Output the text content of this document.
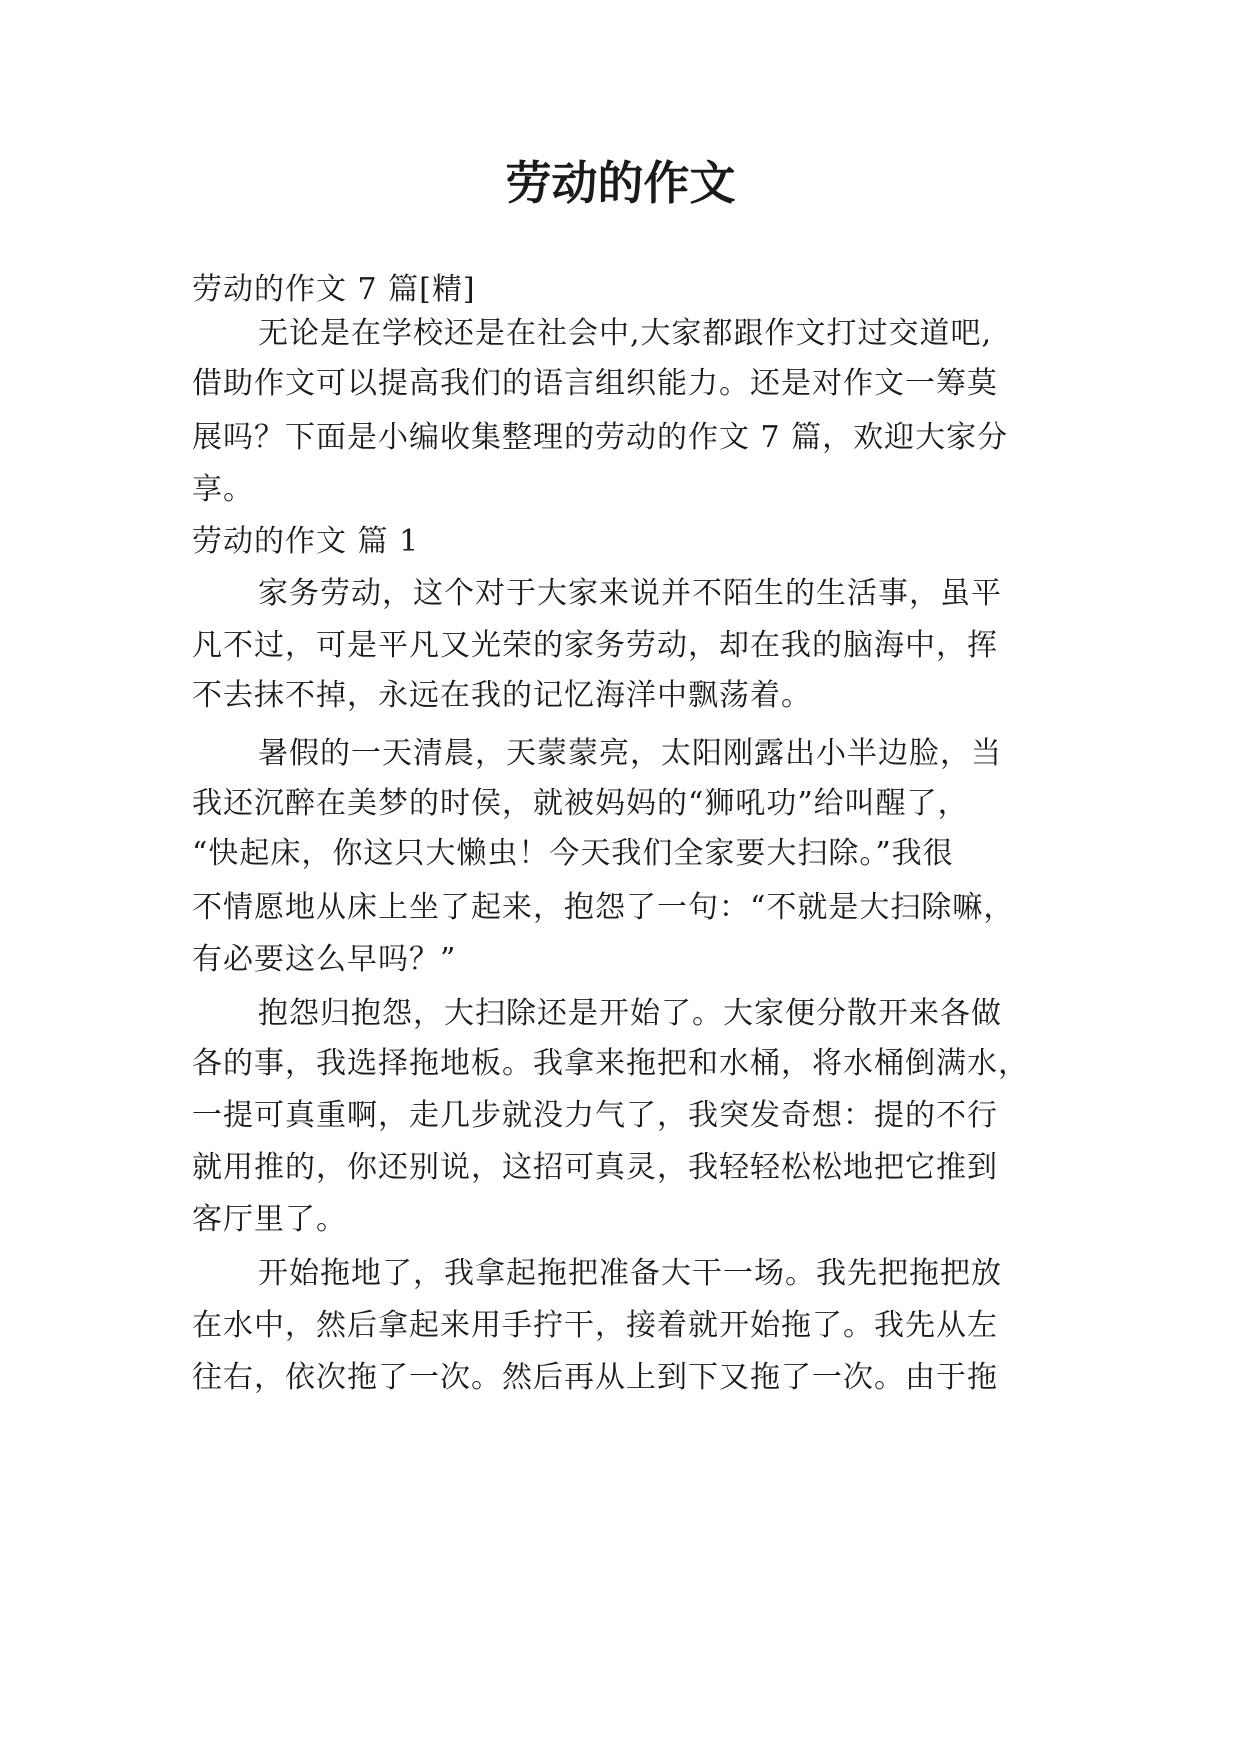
劳动的作文
劳动的作文 7 篇[精]
无论是在学校还是在社会中,大家都跟作文打过交道吧,
借助作文可以提高我们的语言组织能力。还是对作文一筹莫
展吗？下面是小编收集整理的劳动的作文 7 篇，欢迎大家分
享。
劳动的作文 篇 1
家务劳动，这个对于大家来说并不陌生的生活事，虽平
凡不过，可是平凡又光荣的家务劳动，却在我的脑海中，挥
不去抹不掉，永远在我的记忆海洋中飘荡着。
暑假的一天清晨，天蒙蒙亮，太阳刚露出小半边脸，当
我还沉醉在美梦的时侯，就被妈妈的“狮吼功”给叫醒了，
“快起床，你这只大懒虫！今天我们全家要大扫除。”我很
不情愿地从床上坐了起来，抱怨了一句：“不就是大扫除嘛，
有必要这么早吗？”
抱怨归抱怨，大扫除还是开始了。大家便分散开来各做
各的事，我选择拖地板。我拿来拖把和水桶，将水桶倒满水，
一提可真重啊，走几步就没力气了，我突发奇想：提的不行
就用推的，你还别说，这招可真灵，我轻轻松松地把它推到
客厅里了。
开始拖地了，我拿起拖把准备大干一场。我先把拖把放
在水中，然后拿起来用手拧干，接着就开始拖了。我先从左
往右，依次拖了一次。然后再从上到下又拖了一次。由于拖
